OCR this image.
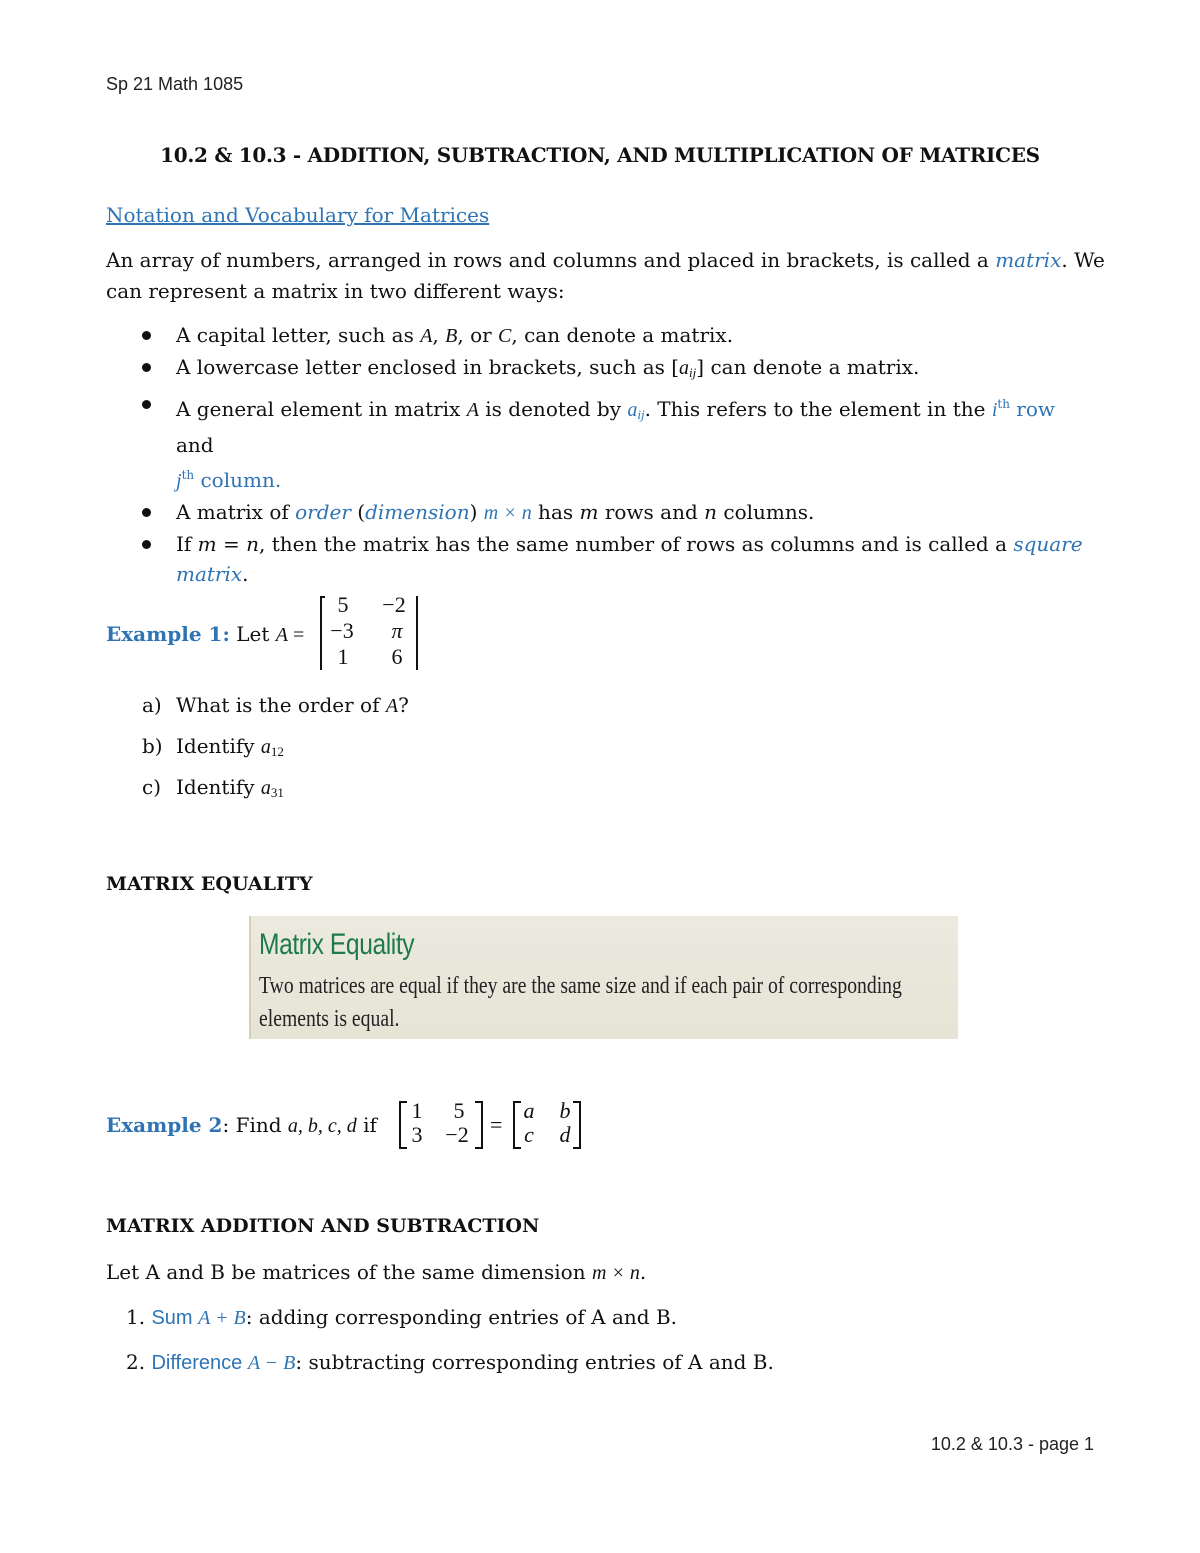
Sp 21 Math 1085
10.2 & 10.3 - ADDITION, SUBTRACTION, AND MULTIPLICATION OF MATRICES
Notation and Vocabulary for Matrices
An array of numbers, arranged in rows and columns and placed in brackets, is called a matrix. We
can represent a matrix in two different ways:
A capital letter, such as A, B, or C, can denote a matrix.
A lowercase letter enclosed in brackets, such as $[a_{ij}]$ can denote a matrix.
A general element in matrix A is denoted by $a_{ij}$. This refers to the element in the $i^{th}$ row and
$j^{th}$ column.
A matrix of order (dimension) m × n has m rows and n columns.
If m = n, then the matrix has the same number of rows as columns and is called a square
matrix.
Example 1: Let A =
5	−2
−3	π
1	6
a) What is the order of A?
b) Identify $a_{12}$
c) Identify $a_{31}$
MATRIX EQUALITY
Matrix Equality
Two matrices are equal if they are the same size and if each pair of corresponding elements is equal.
Example 2: Find a, b, c, d if
1 5
3 −2 =
a b
c d
MATRIX ADDITION AND SUBTRACTION
Let A and B be matrices of the same dimension m × n.
1. Sum A + B: adding corresponding entries of A and B.
2. Difference A − B: subtracting corresponding entries of A and B.
10.2 & 10.3 - page 1
